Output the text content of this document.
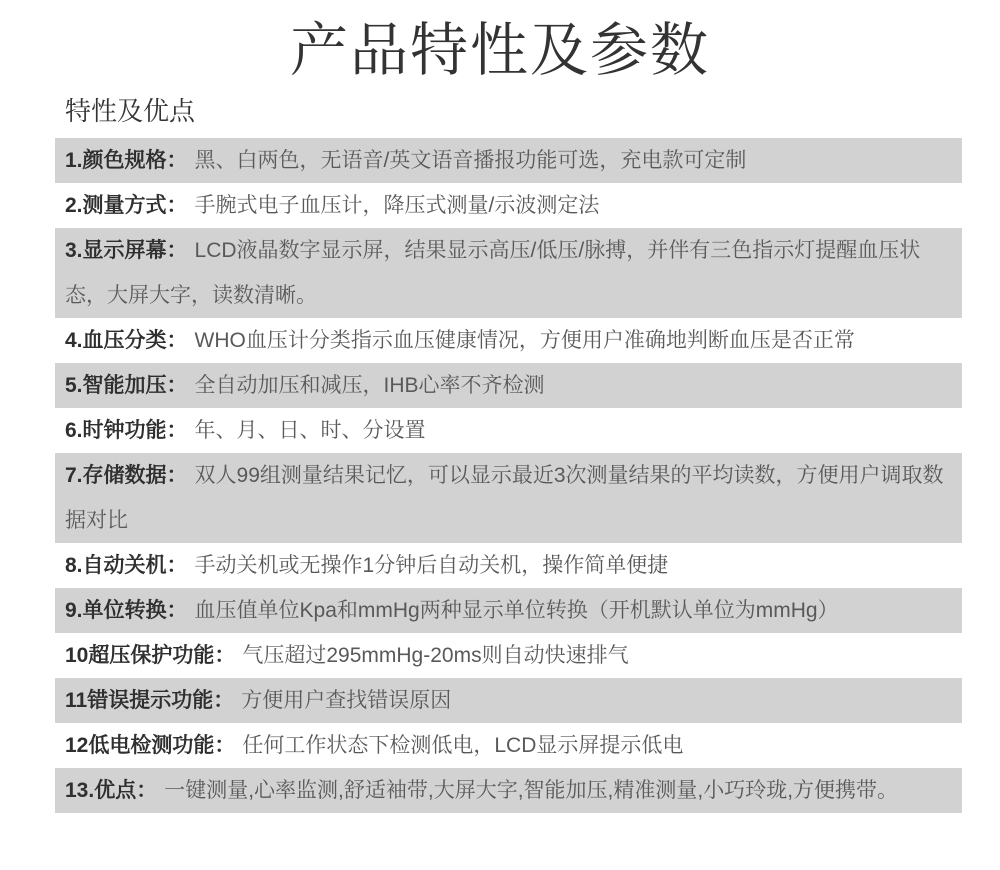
产品特性及参数
特性及优点
1.颜色规格： 黑、白两色，无语音/英文语音播报功能可选，充电款可定制
2.测量方式： 手腕式电子血压计，降压式测量/示波测定法
3.显示屏幕： LCD液晶数字显示屏，结果显示高压/低压/脉搏，并伴有三色指示灯提醒血压状态，大屏大字，读数清晰。
4.血压分类： WHO血压计分类指示血压健康情况，方便用户准确地判断血压是否正常
5.智能加压： 全自动加压和减压，IHB心率不齐检测
6.时钟功能： 年、月、日、时、分设置
7.存储数据： 双人99组测量结果记忆，可以显示最近3次测量结果的平均读数，方便用户调取数据对比
8.自动关机： 手动关机或无操作1分钟后自动关机，操作简单便捷
9.单位转换： 血压值单位Kpa和mmHg两种显示单位转换（开机默认单位为mmHg）
10超压保护功能： 气压超过295mmHg-20ms则自动快速排气
11错误提示功能： 方便用户查找错误原因
12低电检测功能： 任何工作状态下检测低电，LCD显示屏提示低电
13.优点： 一键测量,心率监测,舒适袖带,大屏大字,智能加压,精准测量,小巧玲珑,方便携带。
